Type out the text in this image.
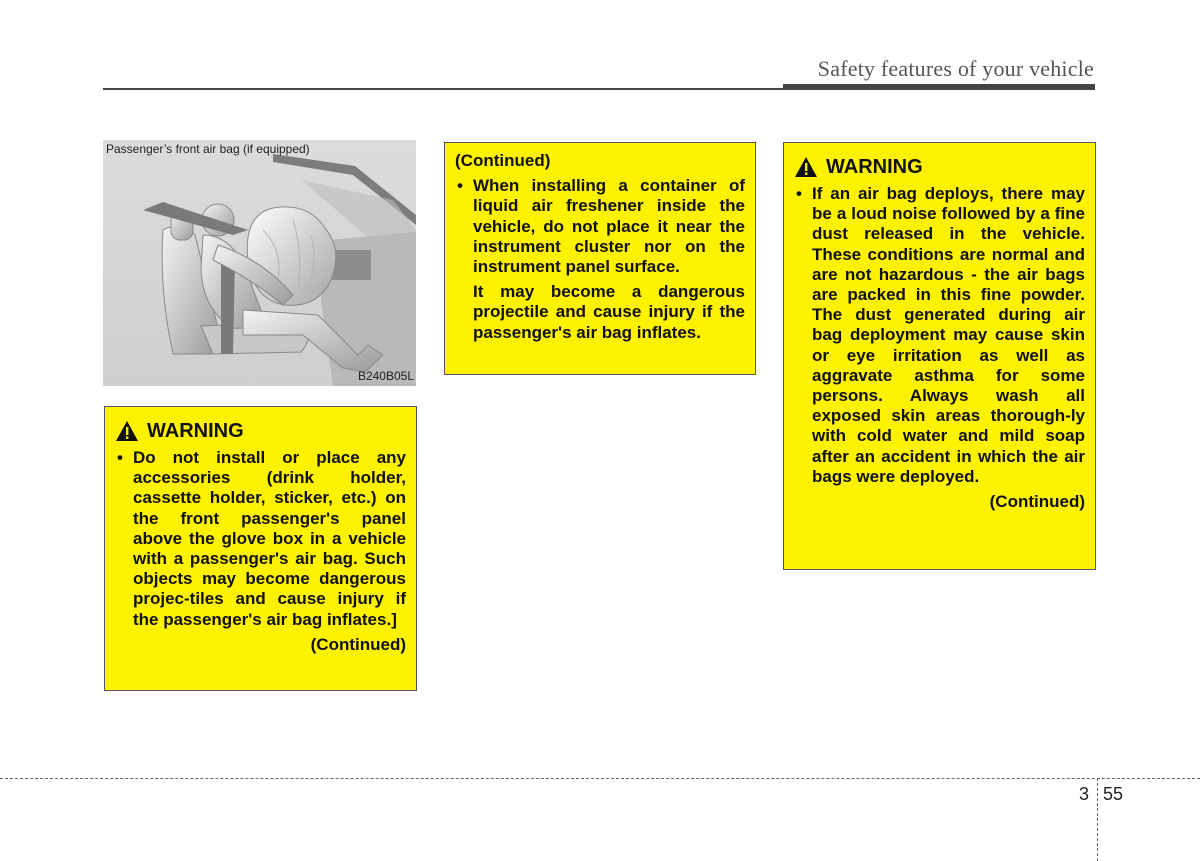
Safety features of your vehicle
Passenger’s front air bag (if equipped)
B240B05L
WARNING
• Do not install or place any accessories (drink holder, cassette holder, sticker, etc.) on the front passenger's panel above the glove box in a vehicle with a passenger's air bag. Such objects may become dangerous projec-tiles and cause injury if the passenger's air bag inflates.]
(Continued)
(Continued)
• When installing a container of liquid air freshener inside the vehicle, do not place it near the instrument cluster nor on the instrument panel surface.
It may become a dangerous projectile and cause injury if the passenger's air bag inflates.
WARNING
• If an air bag deploys, there may be a loud noise followed by a fine dust released in the vehicle. These conditions are normal and are not hazardous - the air bags are packed in this fine powder. The dust generated during air bag deployment may cause skin or eye irritation as well as aggravate asthma for some persons. Always wash all exposed skin areas thorough-ly with cold water and mild soap after an accident in which the air bags were deployed.
(Continued)
3 55
